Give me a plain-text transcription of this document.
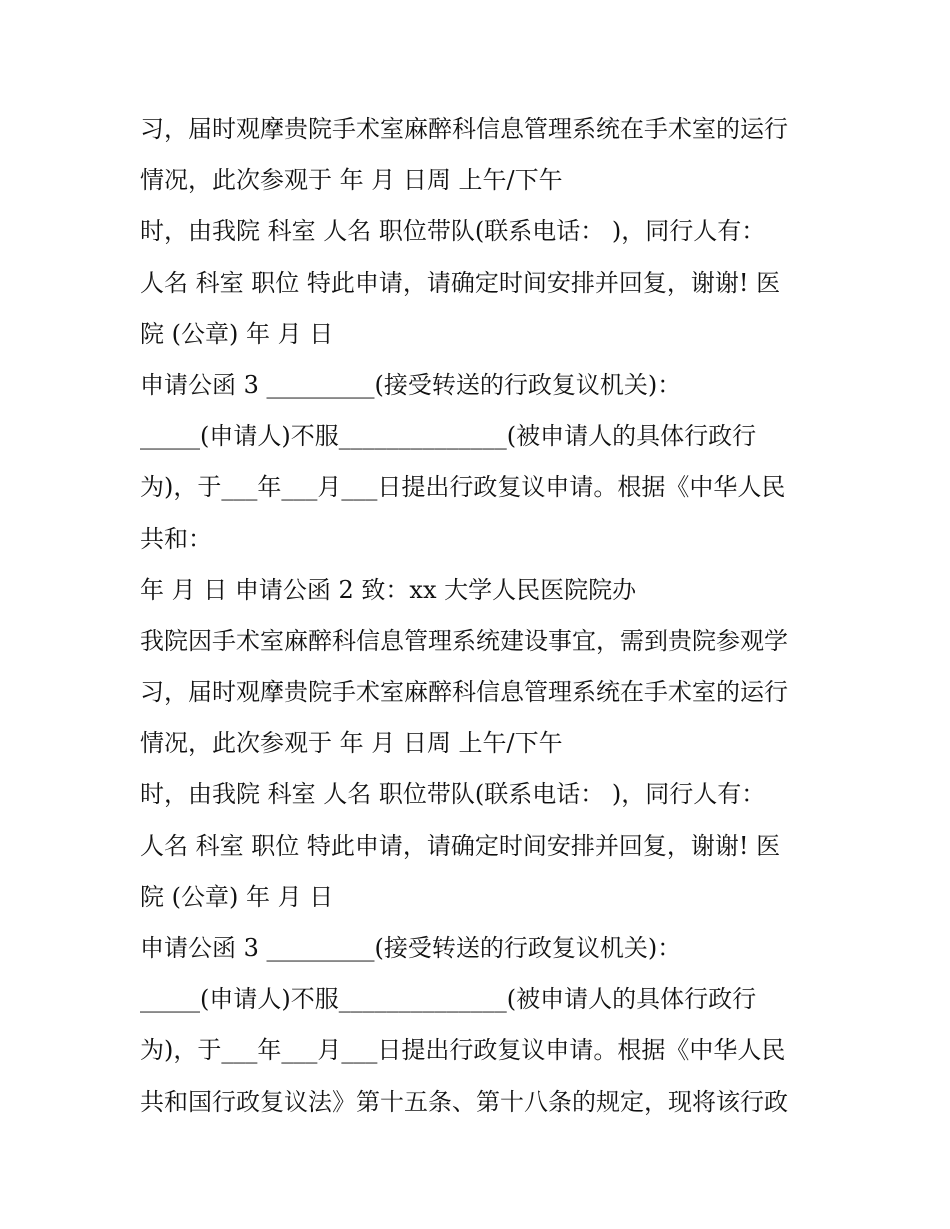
习，届时观摩贵院手术室麻醉科信息管理系统在手术室的运行
情况，此次参观于 年 月 日周 上午/下午
时，由我院 科室 人名 职位带队(联系电话： )，同行人有：
人名 科室 职位 特此申请，请确定时间安排并回复，谢谢! 医
院 (公章) 年 月 日
申请公函 3 _________(接受转送的行政复议机关)：
_____(申请人)不服______________(被申请人的具体行政行
为)，于___年___月___日提出行政复议申请。根据《中华人民
共和：
年 月 日 申请公函 2 致：xx 大学人民医院院办
我院因手术室麻醉科信息管理系统建设事宜，需到贵院参观学
习，届时观摩贵院手术室麻醉科信息管理系统在手术室的运行
情况，此次参观于 年 月 日周 上午/下午
时，由我院 科室 人名 职位带队(联系电话： )，同行人有：
人名 科室 职位 特此申请，请确定时间安排并回复，谢谢! 医
院 (公章) 年 月 日
申请公函 3 _________(接受转送的行政复议机关)：
_____(申请人)不服______________(被申请人的具体行政行
为)，于___年___月___日提出行政复议申请。根据《中华人民
共和国行政复议法》第十五条、第十八条的规定，现将该行政
